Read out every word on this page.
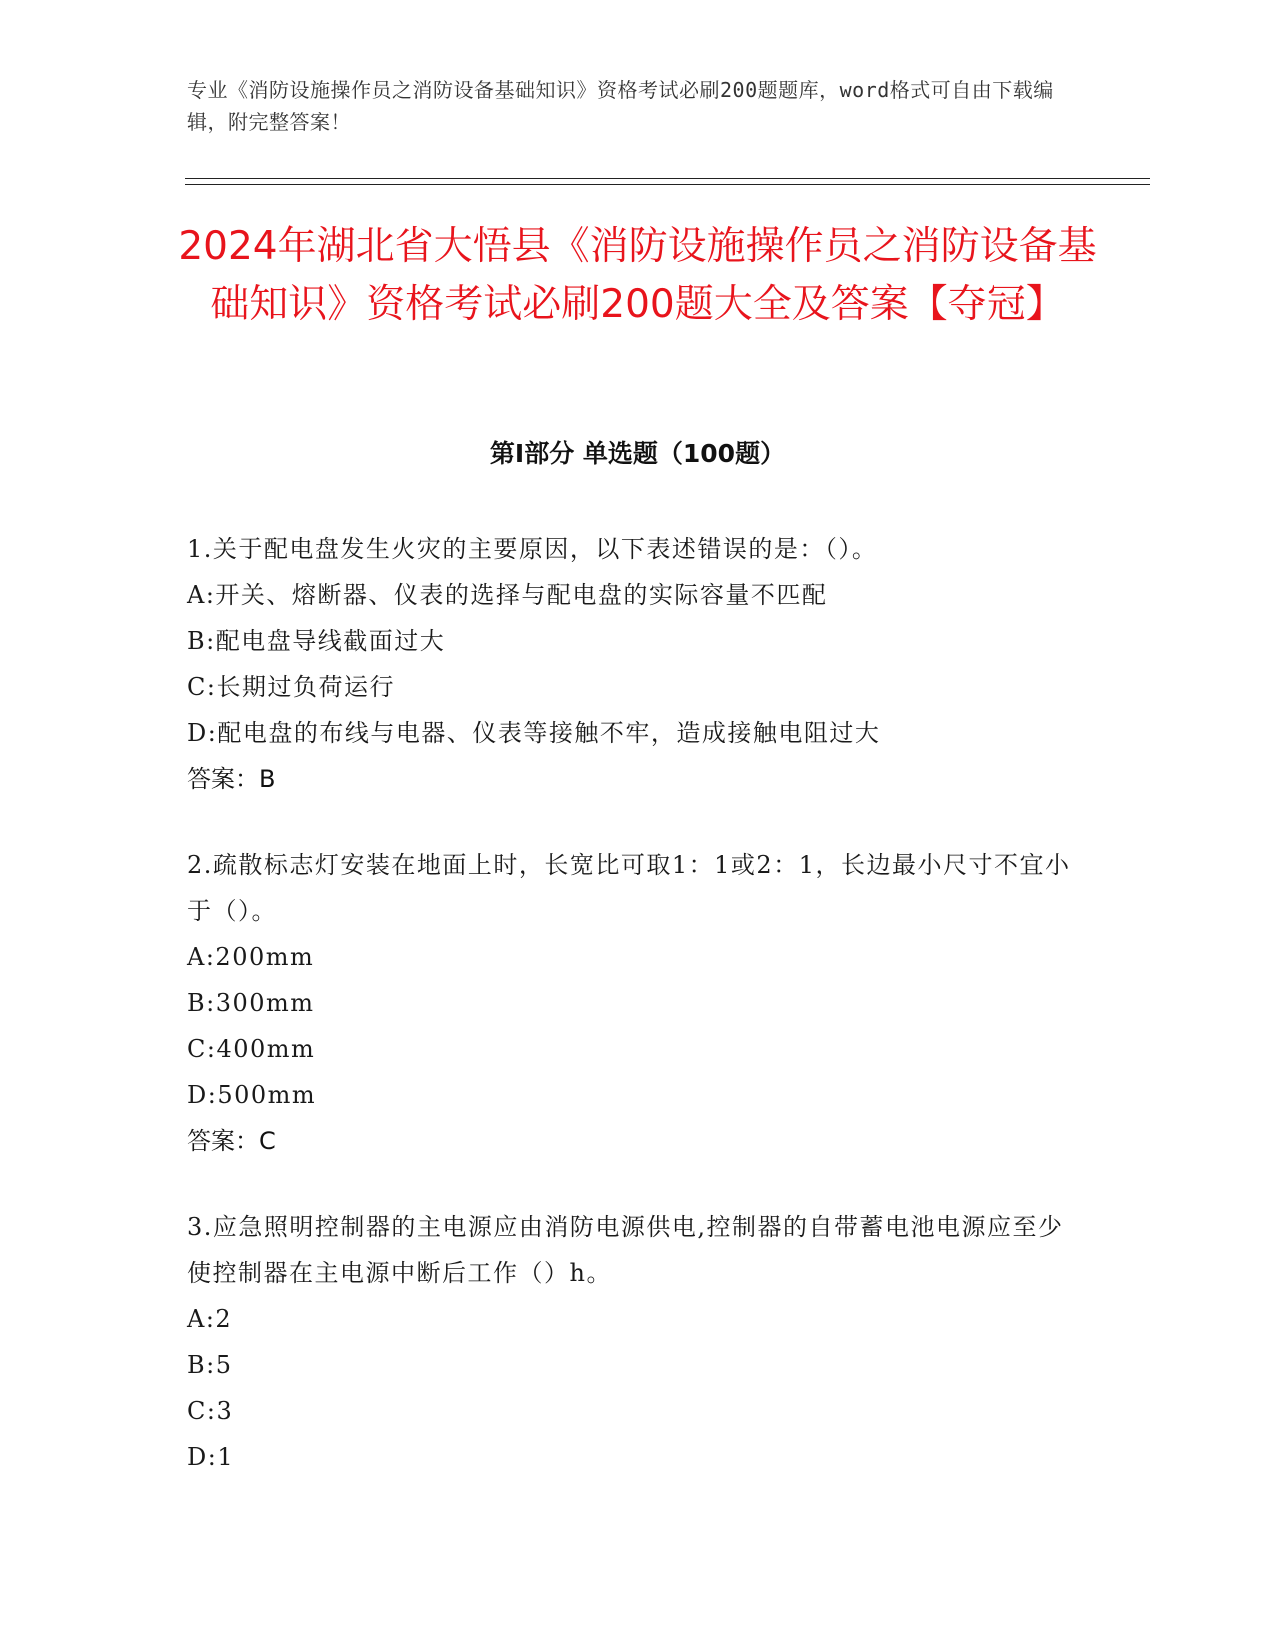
专业《消防设施操作员之消防设备基础知识》资格考试必刷200题题库，word格式可自由下载编辑，附完整答案！
2024年湖北省大悟县《消防设施操作员之消防设备基础知识》资格考试必刷200题大全及答案【夺冠】
第I部分 单选题（100题）

1.关于配电盘发生火灾的主要原因，以下表述错误的是：（）。

A:开关、熔断器、仪表的选择与配电盘的实际容量不匹配

B:配电盘导线截面过大

C:长期过负荷运行

D:配电盘的布线与电器、仪表等接触不牢，造成接触电阻过大

答案：B

2.疏散标志灯安装在地面上时，长宽比可取1：1或2：1，长边最小尺寸不宜小于（）。

A:200mm

B:300mm

C:400mm

D:500mm

答案：C

3.应急照明控制器的主电源应由消防电源供电,控制器的自带蓄电池电源应至少使控制器在主电源中断后工作（）h。

A:2

B:5

C:3

D:1
